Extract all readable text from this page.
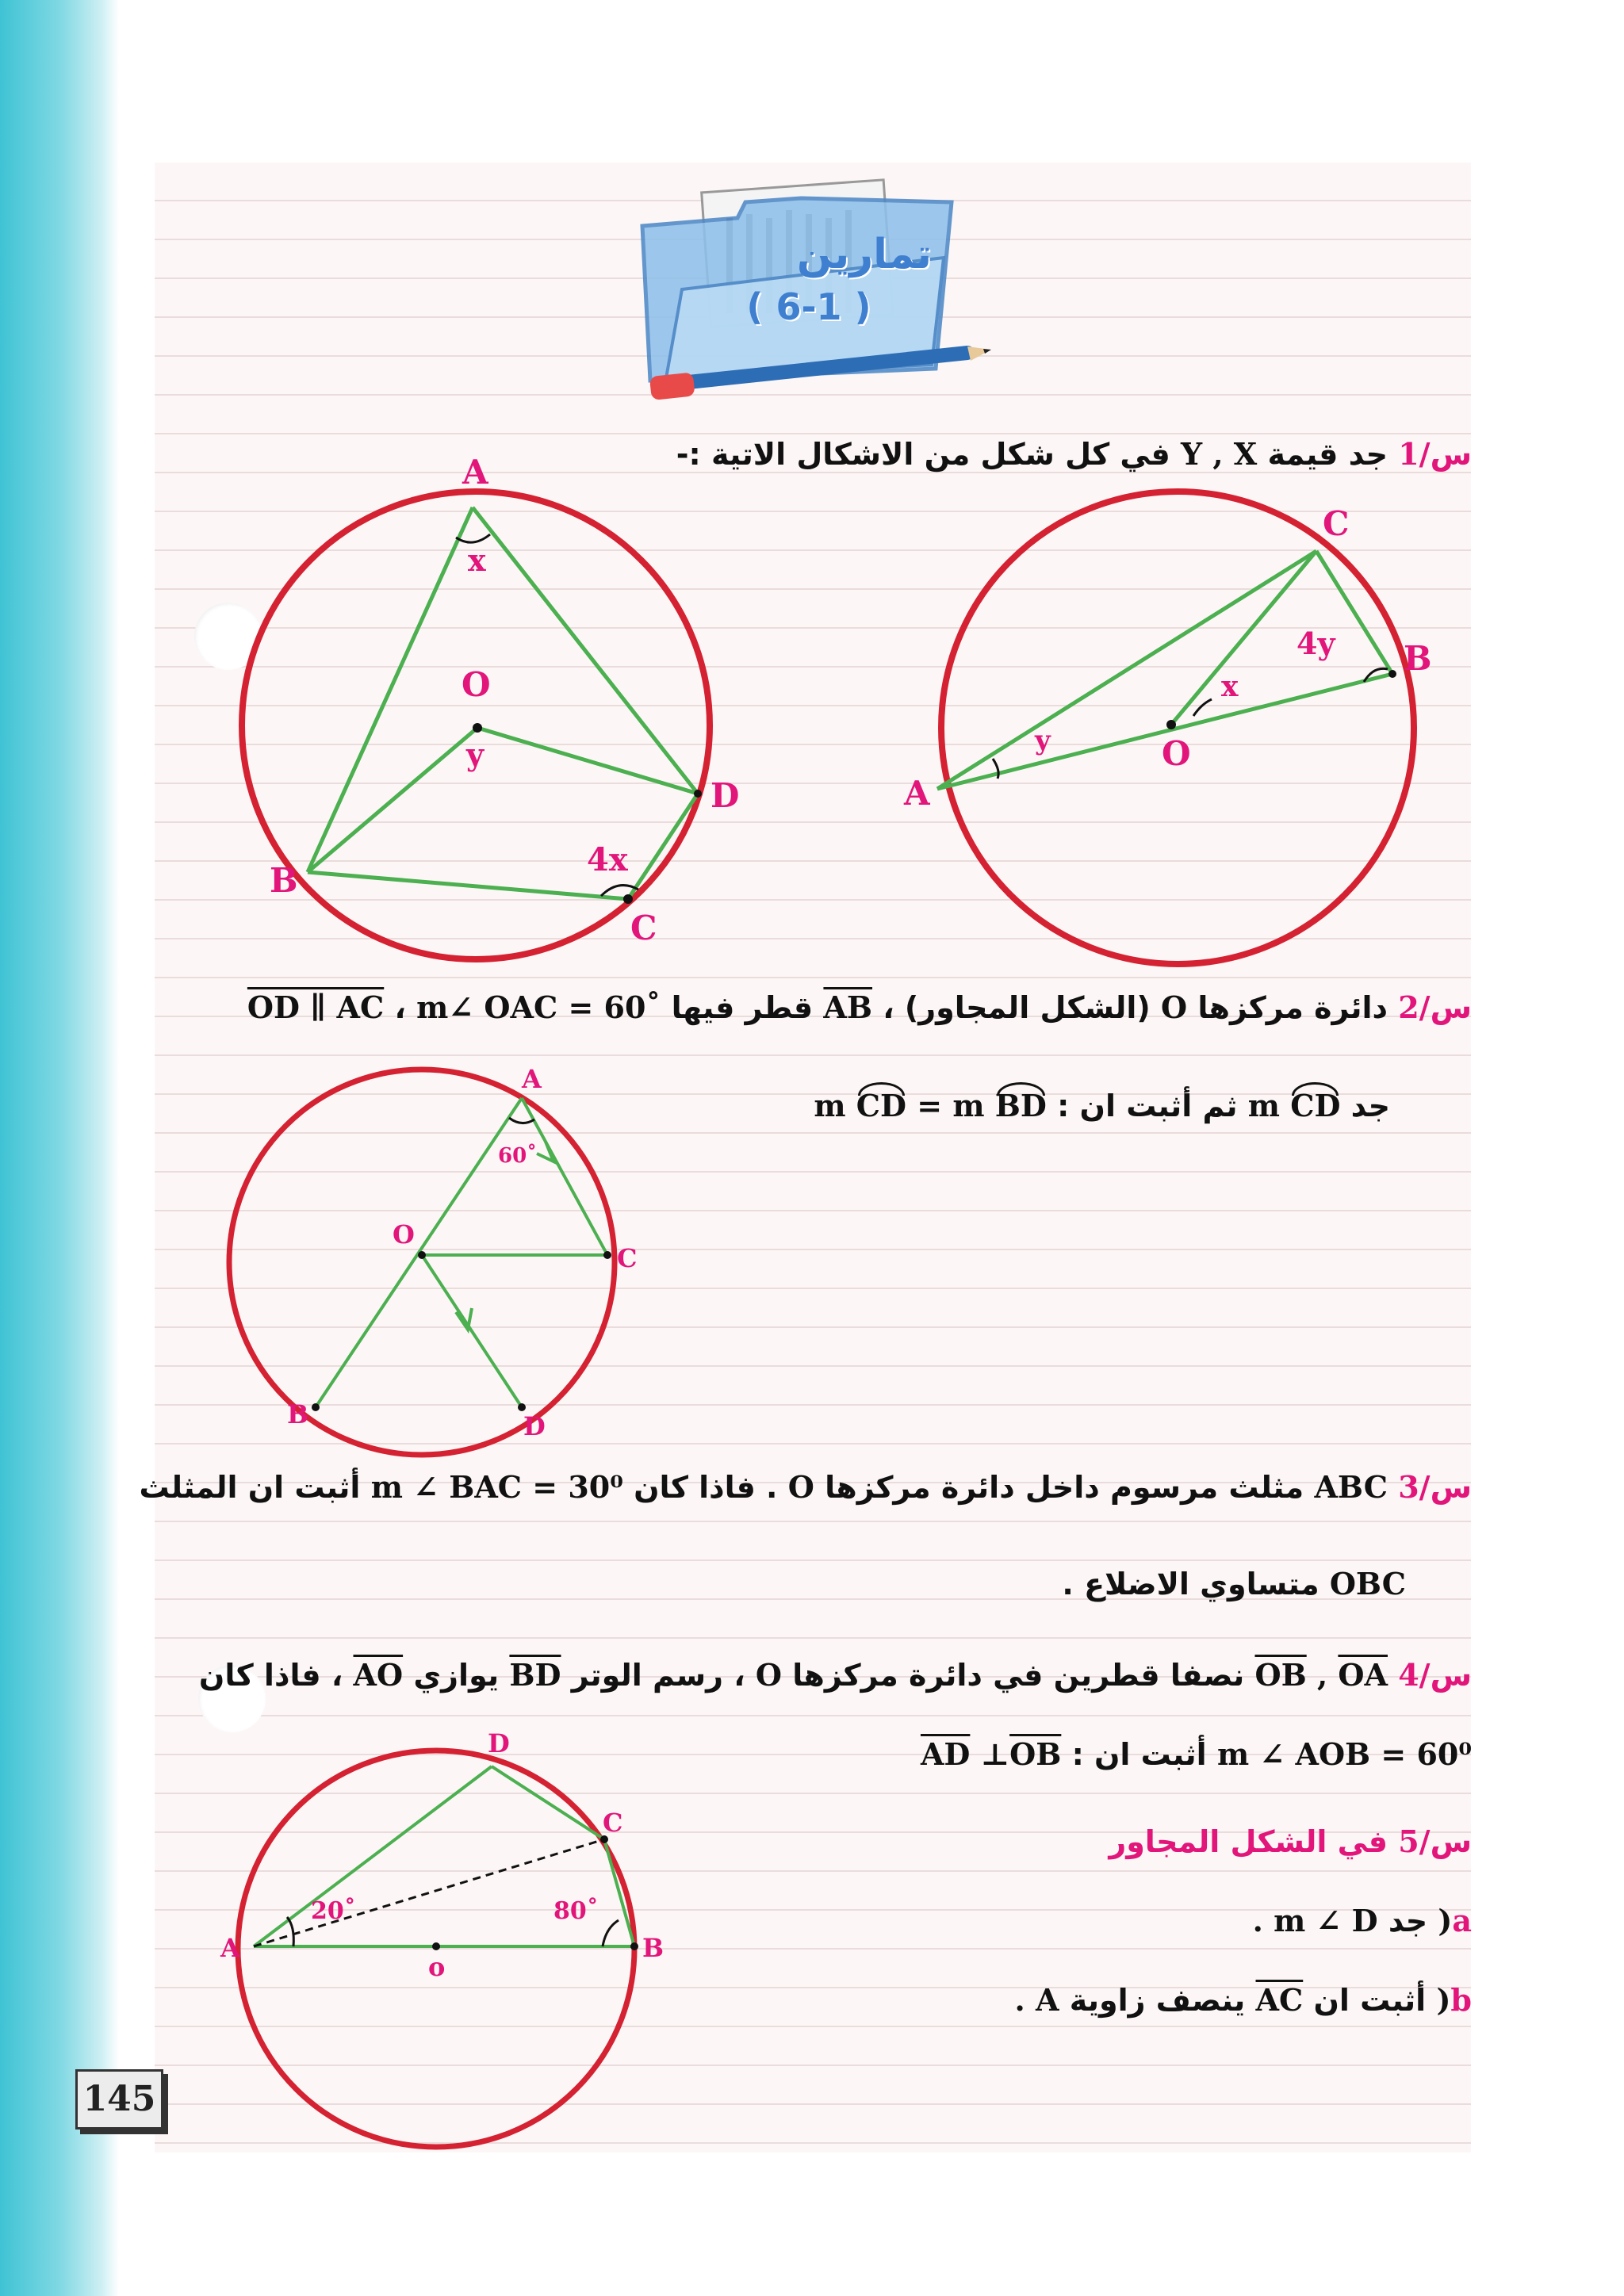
تمارين
( 6-1 )
س1/ جد قيمة Y , X في كل شكل من الاشكال الاتية :-
A
x
O
y
D
B
4x
C
C
4y B
x
y	O
A
س2/ دائرة مركزها O (الشكل المجاور) ، $\overline{AB}$ قطر فيها m∠ OAC = 60˚ ، OD ∥ AC
جد m CD ثم أثبت ان : m CD = m BD
A
60˚
O
C
B	D
س3/ ABC مثلث مرسوم داخل دائرة مركزها O . فاذا كان m ∠ BAC = 30⁰ أثبت ان المثلث
OBC متساوي الاضلاع .
س4/ $\overline{OA}$ , $\overline{OB}$ نصفا قطرين في دائرة مركزها O ، رسم الوتر $\overline{BD}$ يوازي $\overline{AO}$ ، فاذا كان
m ∠ AOB = 60⁰ أثبت ان : $\overline{AD}$ $\perp\overline{OB}$
س5/ في الشكل المجاور
a) جد m ∠ D .
b) أثبت ان $\overline{AC}$ ينصف زاوية A .
D
C
20˚	80˚
A	B
o
145
